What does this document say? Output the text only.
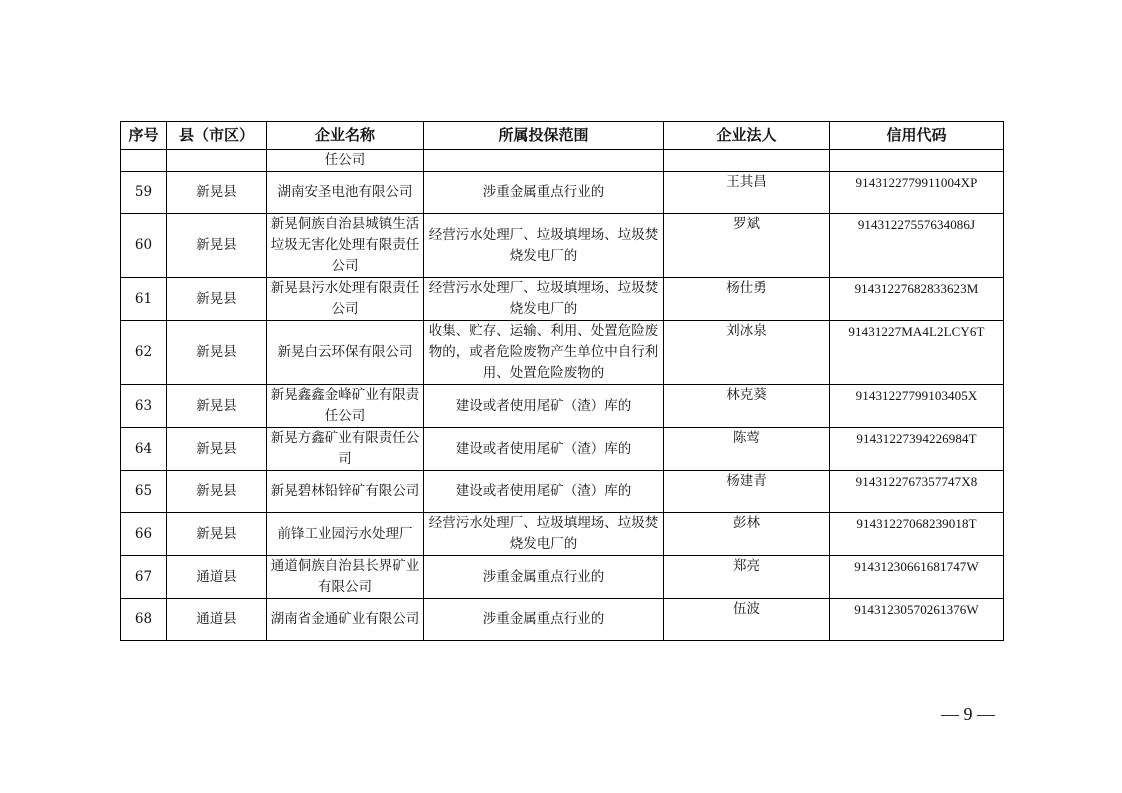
序号	县（市区）	企业名称	所属投保范围	企业法人	信用代码
		任公司			
59	新晃县	湖南安圣电池有限公司	涉重金属重点行业的	王其昌	9143122779911004XP
60	新晃县	新晃侗族自治县城镇生活垃圾无害化处理有限责任公司	经营污水处理厂、垃圾填埋场、垃圾焚烧发电厂的	罗斌	91431227557634086J
61	新晃县	新晃县污水处理有限责任公司	经营污水处理厂、垃圾填埋场、垃圾焚烧发电厂的	杨仕勇	91431227682833623M
62	新晃县	新晃白云环保有限公司	收集、贮存、运输、利用、处置危险废物的，或者危险废物产生单位中自行利用、处置危险废物的	刘冰泉	91431227MA4L2LCY6T
63	新晃县	新晃鑫鑫金峰矿业有限责任公司	建设或者使用尾矿（渣）库的	林克葵	91431227799103405X
64	新晃县	新晃方鑫矿业有限责任公司	建设或者使用尾矿（渣）库的	陈莺	91431227394226984T
65	新晃县	新晃碧林铅锌矿有限公司	建设或者使用尾矿（渣）库的	杨建青	9143122767357747X8
66	新晃县	前锋工业园污水处理厂	经营污水处理厂、垃圾填埋场、垃圾焚烧发电厂的	彭林	91431227068239018T
67	通道县	通道侗族自治县长界矿业有限公司	涉重金属重点行业的	郑亮	91431230661681747W
68	通道县	湖南省金通矿业有限公司	涉重金属重点行业的	伍波	91431230570261376W
— 9 —
